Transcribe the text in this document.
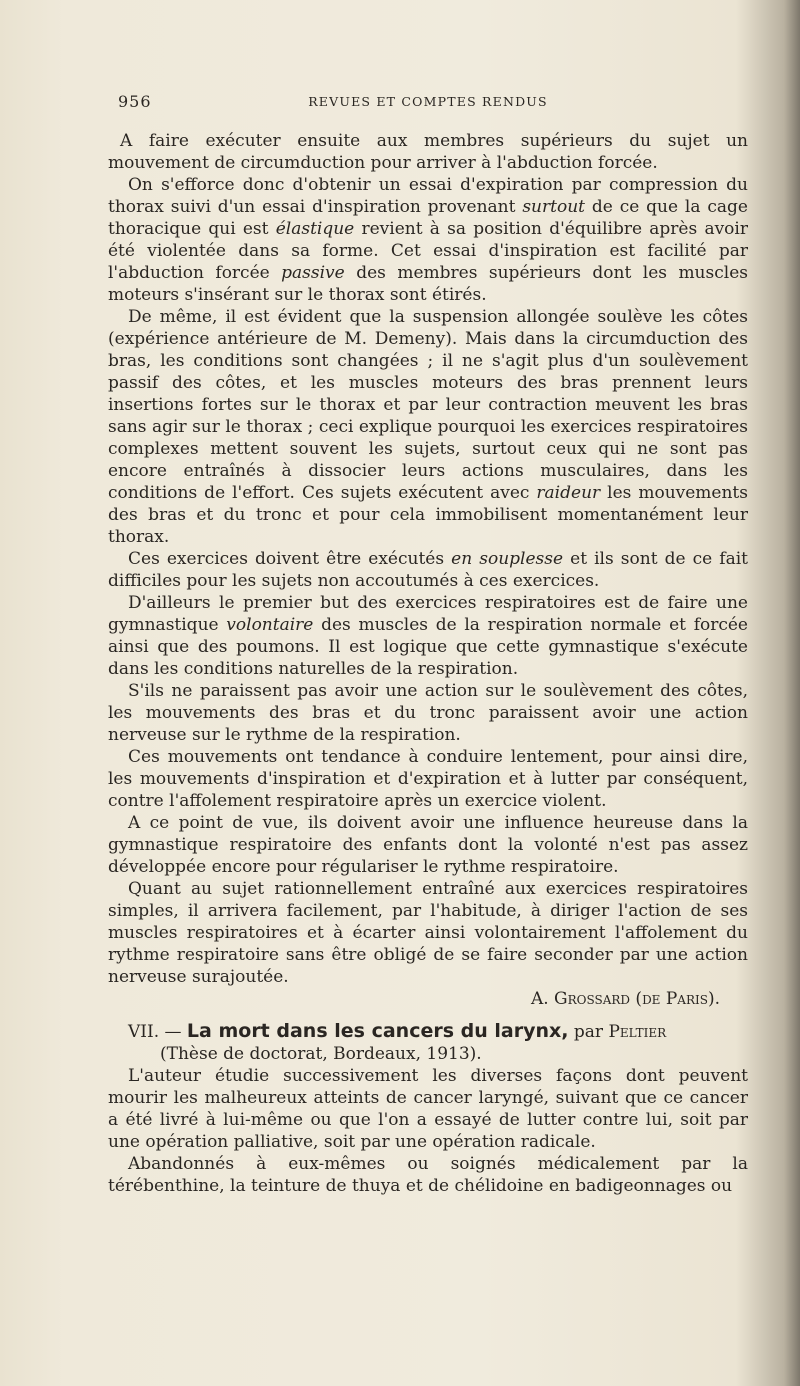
956	REVUES ET COMPTES RENDUS

A faire exécuter ensuite aux membres supérieurs du sujet un mouvement de circumduction pour arriver à l'abduction forcée.

On s'efforce donc d'obtenir un essai d'expiration par compression du thorax suivi d'un essai d'inspiration provenant surtout de ce que la cage thoracique qui est élastique revient à sa position d'équilibre après avoir été violentée dans sa forme. Cet essai d'inspiration est facilité par l'abduction forcée passive des membres supérieurs dont les muscles moteurs s'insérant sur le thorax sont étirés.

De même, il est évident que la suspension allongée soulève les côtes (expérience antérieure de M. Demeny). Mais dans la circumduction des bras, les conditions sont changées ; il ne s'agit plus d'un soulèvement passif des côtes, et les muscles moteurs des bras prennent leurs insertions fortes sur le thorax et par leur contraction meuvent les bras sans agir sur le thorax ; ceci explique pourquoi les exercices respiratoires complexes mettent souvent les sujets, surtout ceux qui ne sont pas encore entraînés à dissocier leurs actions musculaires, dans les conditions de l'effort. Ces sujets exécutent avec raideur les mouvements des bras et du tronc et pour cela immobilisent momentanément leur thorax.

Ces exercices doivent être exécutés en souplesse et ils sont de ce fait difficiles pour les sujets non accoutumés à ces exercices.

D'ailleurs le premier but des exercices respiratoires est de faire une gymnastique volontaire des muscles de la respiration normale et forcée ainsi que des poumons. Il est logique que cette gymnastique s'exécute dans les conditions naturelles de la respiration.

S'ils ne paraissent pas avoir une action sur le soulèvement des côtes, les mouvements des bras et du tronc paraissent avoir une action nerveuse sur le rythme de la respiration.

Ces mouvements ont tendance à conduire lentement, pour ainsi dire, les mouvements d'inspiration et d'expiration et à lutter par conséquent, contre l'affolement respiratoire après un exercice violent.

A ce point de vue, ils doivent avoir une influence heureuse dans la gymnastique respiratoire des enfants dont la volonté n'est pas assez développée encore pour régulariser le rythme respiratoire.

Quant au sujet rationnellement entraîné aux exercices respiratoires simples, il arrivera facilement, par l'habitude, à diriger l'action de ses muscles respiratoires et à écarter ainsi volontairement l'affolement du rythme respiratoire sans être obligé de se faire seconder par une action nerveuse surajoutée.

A. Grossard (de Paris).

VII. — La mort dans les cancers du larynx, par Peltier

(Thèse de doctorat, Bordeaux, 1913).

L'auteur étudie successivement les diverses façons dont peuvent mourir les malheureux atteints de cancer laryngé, suivant que ce cancer a été livré à lui-même ou que l'on a essayé de lutter contre lui, soit par une opération palliative, soit par une opération radicale.

Abandonnés à eux-mêmes ou soignés médicalement par la térébenthine, la teinture de thuya et de chélidoine en badigeonnages ou
